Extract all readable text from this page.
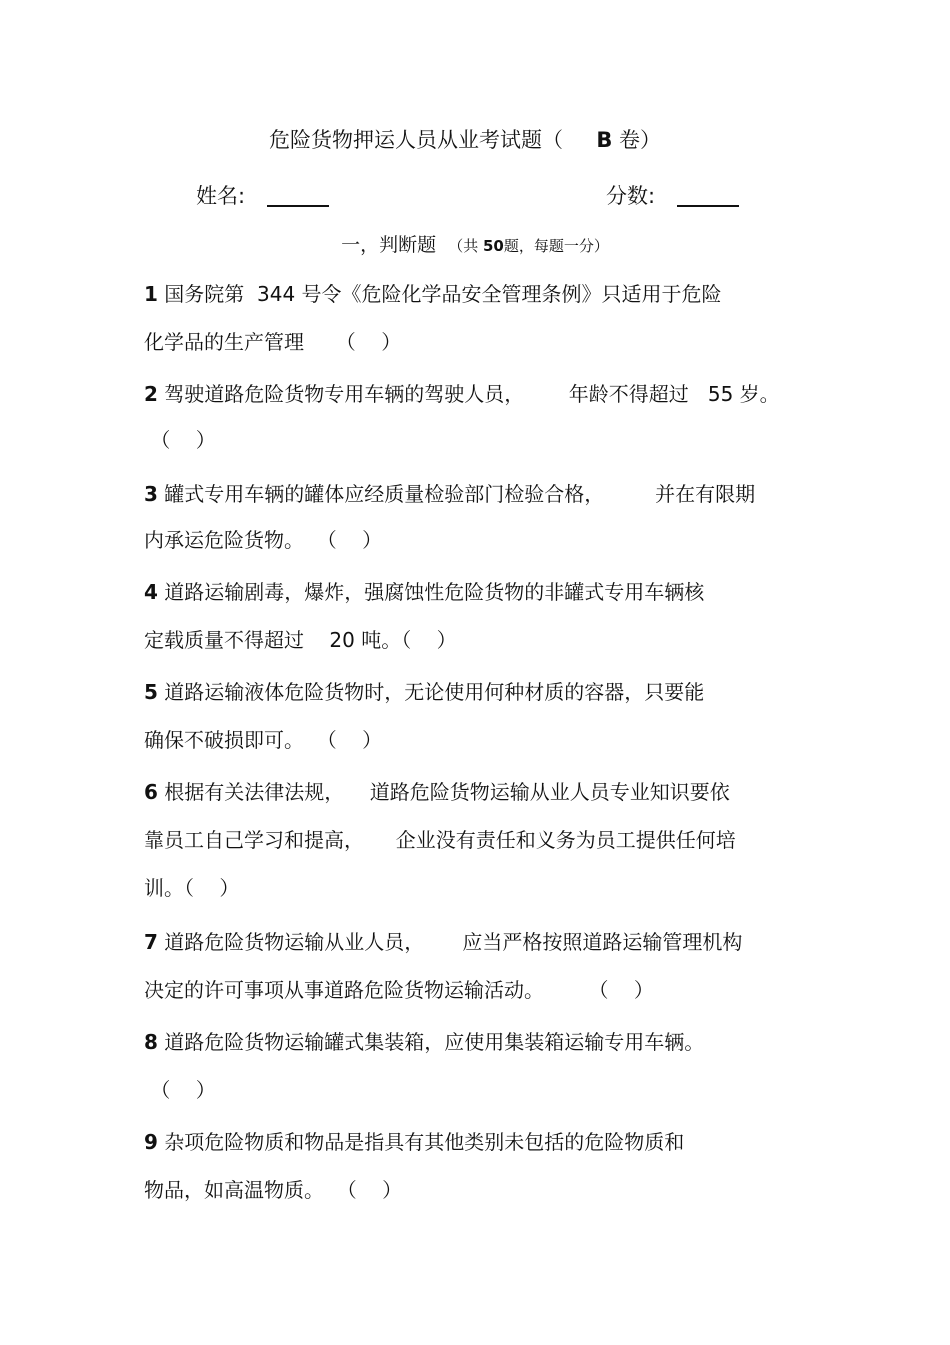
危险货物押运人员从业考试题（     B 卷）
姓名:	分数:
一，判断题  （共 50题，每题一分）
1 国务院第  344 号令《危险化学品安全管理条例》只适用于危险
化学品的生产管理     （    ）
2 驾驶道路危险货物专用车辆的驾驶人员，       年龄不得超过   55 岁。
（    ）
3 罐式专用车辆的罐体应经质量检验部门检验合格，        并在有限期
内承运危险货物。  （    ）
4 道路运输剧毒，爆炸，强腐蚀性危险货物的非罐式专用车辆核
定载质量不得超过    20 吨。（    ）
5 道路运输液体危险货物时，无论使用何种材质的容器，只要能
确保不破损即可。  （    ）
6 根据有关法律法规，    道路危险货物运输从业人员专业知识要依
靠员工自己学习和提高，     企业没有责任和义务为员工提供任何培
训。（    ）
7 道路危险货物运输从业人员，      应当严格按照道路运输管理机构
决定的许可事项从事道路危险货物运输活动。       （    ）
8 道路危险货物运输罐式集装箱，应使用集装箱运输专用车辆。
（    ）
9 杂项危险物质和物品是指具有其他类别未包括的危险物质和
物品，如高温物质。  （    ）
